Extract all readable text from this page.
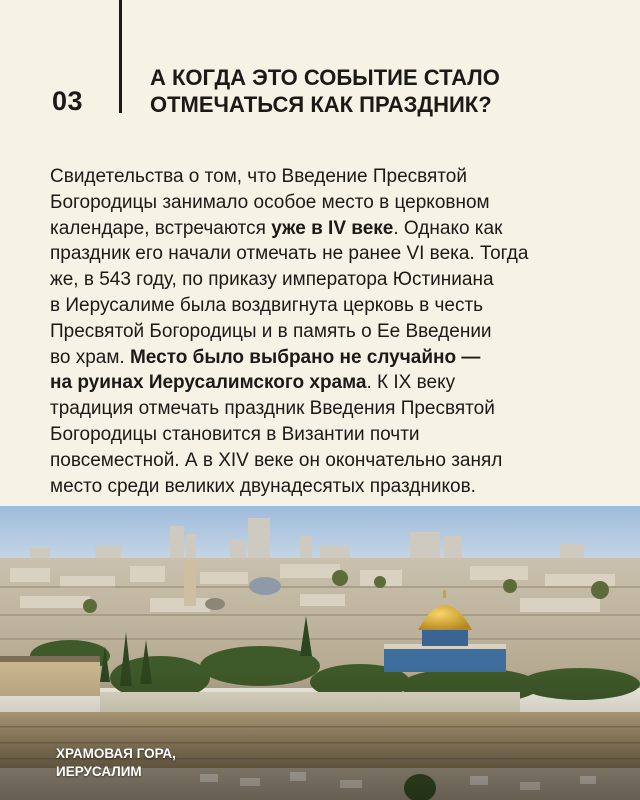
03
А КОГДА ЭТО СОБЫТИЕ СТАЛО
ОТМЕЧАТЬСЯ КАК ПРАЗДНИК?
Свидетельства о том, что Введение Пресвятой
Богородицы занимало особое место в церковном
календаре, встречаются уже в IV веке. Однако как
праздник его начали отмечать не ранее VI века. Тогда
же, в 543 году, по приказу императора Юстиниана
в Иерусалиме была воздвигнута церковь в честь
Пресвятой Богородицы и в память о Ее Введении
во храм. Место было выбрано не случайно —
на руинах Иерусалимского храма. К IX веку
традиция отмечать праздник Введения Пресвятой
Богородицы становится в Византии почти
повсеместной. А в XIV веке он окончательно занял
место среди великих двунадесятых праздников.
ХРАМОВАЯ ГОРА,
ИЕРУСАЛИМ
